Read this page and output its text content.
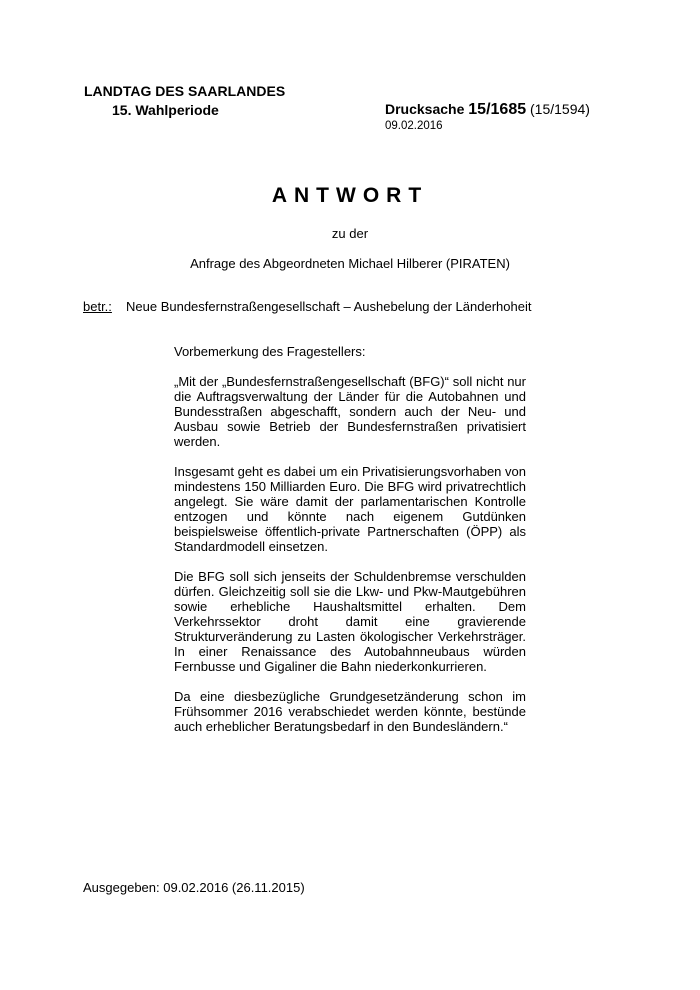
LANDTAG DES SAARLANDES
15. Wahlperiode	Drucksache 15/1685 (15/1594)
09.02.2016
ANTWORT
zu der
Anfrage des Abgeordneten Michael Hilberer (PIRATEN)
betr.: Neue Bundesfernstraßengesellschaft – Aushebelung der Länderhoheit
Vorbemerkung des Fragestellers:

„Mit der „Bundesfernstraßengesellschaft (BFG)“ soll nicht nur die Auftragsverwaltung der Länder für die Autobahnen und Bundesstraßen abgeschafft, sondern auch der Neu- und Ausbau sowie Betrieb der Bundesfernstraßen privatisiert werden.

Insgesamt geht es dabei um ein Privatisierungsvorhaben von mindestens 150 Milliarden Euro. Die BFG wird privatrechtlich angelegt. Sie wäre damit der parlamentarischen Kontrolle entzogen und könnte nach eigenem Gutdünken beispielsweise öffentlich-private Partnerschaften (ÖPP) als Standardmodell einsetzen.

Die BFG soll sich jenseits der Schuldenbremse verschulden dürfen. Gleichzeitig soll sie die Lkw- und Pkw-Mautgebühren sowie erhebliche Haushaltsmittel erhalten. Dem Verkehrssektor droht damit eine gravierende Strukturveränderung zu Lasten ökologischer Verkehrsträger. In einer Renaissance des Autobahnneubaus würden Fernbusse und Gigaliner die Bahn niederkonkurrieren.

Da eine diesbezügliche Grundgesetzänderung schon im Frühsommer 2016 verabschiedet werden könnte, bestünde auch erheblicher Beratungsbedarf in den Bundesländern.“

Ausgegeben: 09.02.2016 (26.11.2015)
